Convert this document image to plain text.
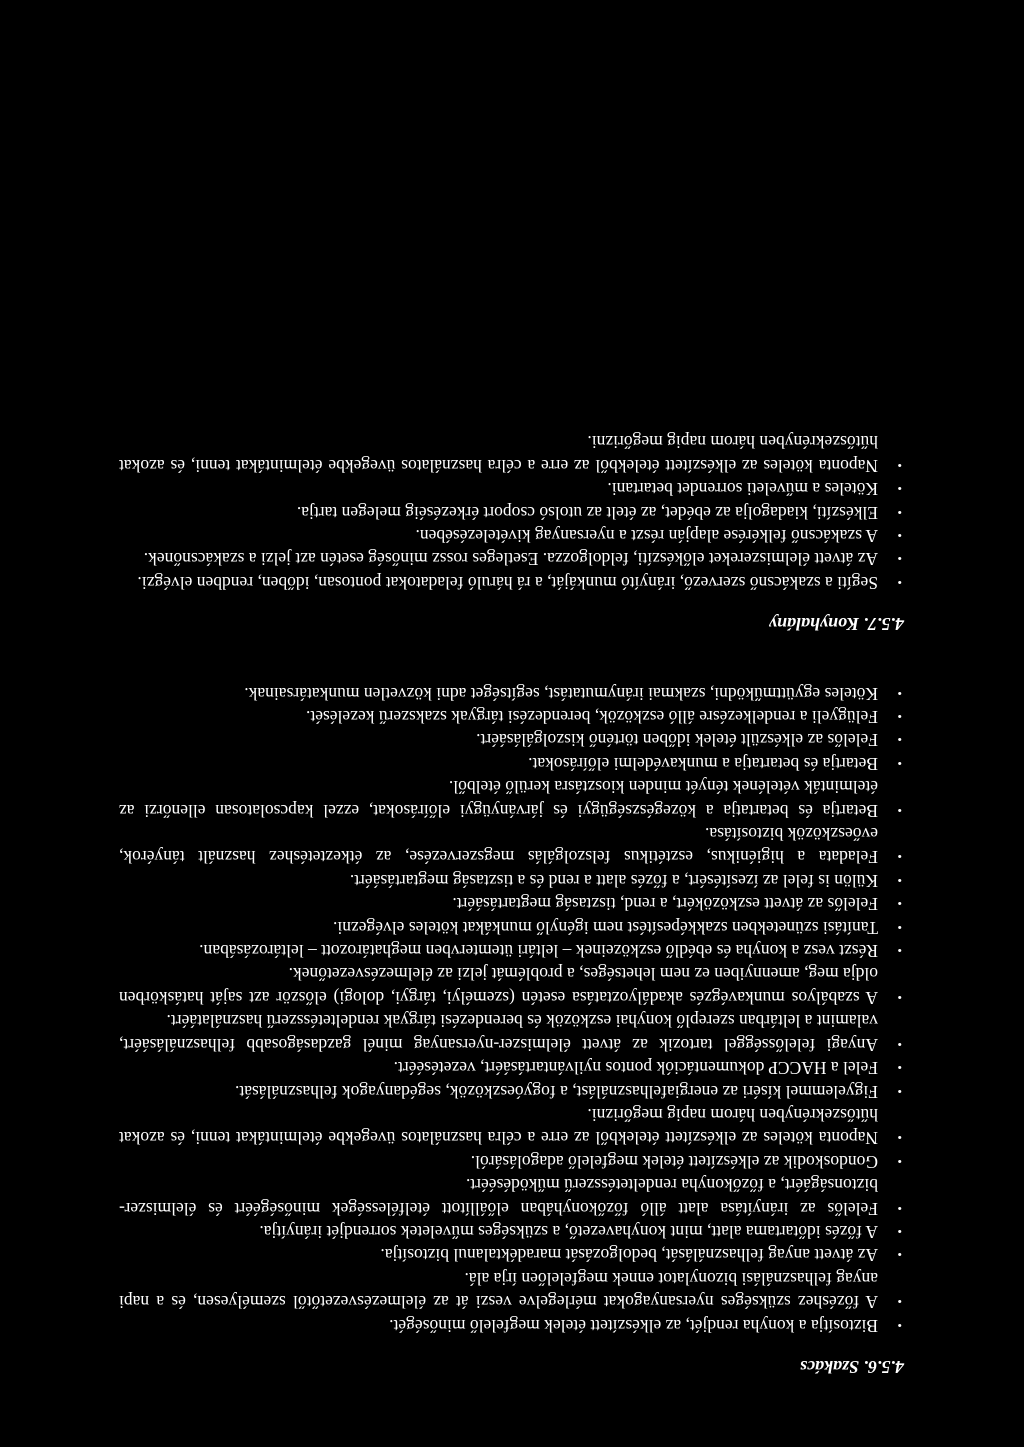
4.5.6. Szakács
•
Biztosítja a konyha rendjét, az elkészített ételek megfelelő minőségét.
•
A főzéshez szükséges nyersanyagokat mérlegelve veszi át az élelmezésvezetőtől személyesen, és a napi anyag felhasználási bizonylatot ennek megfelelően írja alá.
•
Az átvett anyag felhasználását, bedolgozását maradéktalanul biztosítja.
•
A főzés időtartama alatt, mint konyhavezető, a szükséges műveletek sorrendjét irányítja.
•
Felelős az irányítása alatt álló főzőkonyhában előállított ételfélességek minőségéért és élelmiszer-biztonságáért, a főzőkonyha rendeltetésszerű működéséért.
•
Gondoskodik az elkészített ételek megfelelő adagolásáról.
•
Naponta köteles az elkészített ételekből az erre a célra használatos üvegekbe ételmintákat tenni, és azokat hűtőszekrényben három napig megőrizni.
•
Figyelemmel kíséri az energiafelhasználást, a fogyóeszközök, segédanyagok felhasználását.
•
Felel a HACCP dokumentációk pontos nyilvántartásáért, vezetéséért.
•
Anyagi felelősséggel tartozik az átvett élelmiszer-nyersanyag minél gazdaságosabb felhasználásáért, valamint a leltárban szereplő konyhai eszközök és berendezési tárgyak rendeltetésszerű használatáért.
•
A szabályos munkavégzés akadályoztatása esetén (személyi, tárgyi, dologi) először azt saját hatáskörben oldja meg, amennyiben ez nem lehetséges, a problémát jelzi az élelmezésvezetőnek.
•
Részt vesz a konyha és ebédlő eszközeinek – leltári ütemtervben meghatározott – leltározásában.
•
Tanítási szünetekben szakképesítést nem igénylő munkákat köteles elvégezni.
•
Felelős az átvett eszközökért, a rend, tisztaság megtartásáért.
•
Külön is felel az ízesítésért, a főzés alatt a rend és a tisztaság megtartásáért.
•
Feladata a higiénikus, esztétikus felszolgálás megszervezése, az étkeztetéshez használt tányérok, evőeszközök biztosítása.
•
Betartja és betartatja a közegészségügyi és járványügyi előírásokat, ezzel kapcsolatosan ellenőrzi az ételminták vételének tényét minden kiosztásra kerülő ételből.
•
Betartja és betartatja a munkavédelmi előírásokat.
•
Felelős az elkészült ételek időben történő kiszolgálásáért.
•
Felügyeli a rendelkezésre álló eszközök, berendezési tárgyak szakszerű kezelését.
•
Köteles együttműködni, szakmai iránymutatást, segítséget adni közvetlen munkatársainak.
4.5.7. Konyhalány
•
Segíti a szakácsnő szervező, irányító munkáját, a rá háruló feladatokat pontosan, időben, rendben elvégzi.
•
Az átvett élelmiszereket előkészíti, feldolgozza. Esetleges rossz minőség esetén azt jelzi a szakácsnőnek.
•
A szakácsnő felkérése alapján részt a nyersanyag kivételezésében.
•
Elkészíti, kiadagolja az ebédet, az ételt az utolsó csoport érkezéséig melegen tartja.
•
Köteles a műveleti sorrendet betartani.
•
Naponta köteles az elkészített ételekből az erre a célra használatos üvegekbe ételmintákat tenni, és azokat hűtőszekrényben három napig megőrizni.
